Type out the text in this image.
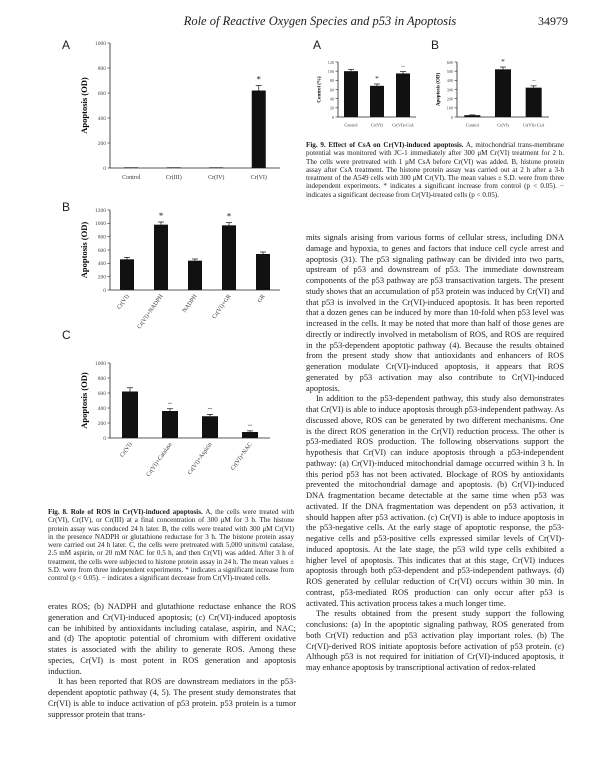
Role of Reactive Oxygen Species and p53 in Apoptosis	34979
A
0
200
400
600
800
1000
Apoptosis (OD)
Control	Cr(III)	Cr(IV)
*
Cr(VI)
B
0
200
400
600
800
1000
1200
Apoptosis (OD)
Cr(VI)
*
Cr(VI)+NADPH	NADPH
*
Cr(VI)+GR	GR
C
0
200
400
600
800
1000
Apoptosis (OD)
Cr(VI)
−
Cr(VI)+Catalase
−
Cr(VI)+Aspirin
−
Cr(VI)+NAC
Fig. 8. Role of ROS in Cr(VI)-induced apoptosis. A, the cells were treated with Cr(VI), Cr(IV), or Cr(III) at a final concentration of 300 μM for 3 h. The histone protein assay was conduced 24 h later. B, the cells were treated with 300 μM Cr(VI) in the presence NADPH or glutathione reductase for 3 h. The histone protein assay were carried out 24 h later. C, the cells were pretreated with 5,000 units/ml catalase, 2.5 mM aspirin, or 20 mM NAC for 0.5 h, and then Cr(VI) was added. After 3 h of treatment, the cells were subjected to histone protein assay in 24 h. The mean values ± S.D. were from three independent experiments. * indicates a significant increase from control (p < 0.05). − indicates a significant decrease from Cr(VI)-treated cells.
A
0
20
40
60
80
100
120
Control (%)
Control
*
Cr(VI)
−
Cr(VI)+CsA
B
0
100
200
300
400
500
600
Apoptosis (OD)
Control
*
Cr(VI)
−
Cr(VI)+CsA
Fig. 9. Effect of CsA on Cr(VI)-induced apoptosis. A, mitochondrial trans-membrane potential was monitored with JC-1 immediately after 300 μM Cr(VI) treatment for 2 h. The cells were pretreated with 1 μM CsA before Cr(VI) was added. B, histone protein assay after CsA treatment. The histone protein assay was carried out at 2 h after a 3-h treatment of the A549 cells with 300 μM Cr(VI). The mean values ± S.D. were from three independent experiments. * indicates a significant increase from control (p < 0.05). − indicates a significant decrease from Cr(VI)-treated cells (p < 0.05).

erates ROS; (b) NADPH and glutathione reductase enhance the ROS generation and Cr(VI)-induced apoptosis; (c) Cr(VI)-induced apoptosis can be inhibited by antioxidants including catalase, aspirin, and NAC; and (d) The apoptotic potential of chromium with different oxidative states is associated with the ability to generate ROS. Among these species, Cr(VI) is most potent in ROS generation and apoptosis induction.

It has been reported that ROS are downstream mediators in the p53-dependent apoptotic pathway (4, 5). The present study demonstrates that Cr(VI) is able to induce activation of p53 protein. p53 protein is a tumor suppressor protein that trans-

mits signals arising from various forms of cellular stress, including DNA damage and hypoxia, to genes and factors that induce cell cycle arrest and apoptosis (31). The p53 signaling pathway can be divided into two parts, upstream of p53 and downstream of p53. The immediate downstream components of the p53 pathway are p53 transactivation targets. The present study shows that an accumulation of p53 protein was induced by Cr(VI) and that p53 is involved in the Cr(VI)-induced apoptosis. It has been reported that a dozen genes can be induced by more than 10-fold when p53 level was increased in the cells. It may be noted that more than half of those genes are directly or indirectly involved in metabolism of ROS, and ROS are required in the p53-dependent apoptotic pathway (4). Because the results obtained from the present study show that antioxidants and enhancers of ROS generation modulate Cr(VI)-induced apoptosis, it appears that ROS generated by p53 activation may also contribute to Cr(VI)-induced apoptosis.

In addition to the p53-dependent pathway, this study also demonstrates that Cr(VI) is able to induce apoptosis through p53-independent pathway. As discussed above, ROS can be generated by two different mechanisms. One is the direct ROS generation in the Cr(VI) reduction process. The other is p53-mediated ROS production. The following observations support the hypothesis that Cr(VI) can induce apoptosis through a p53-independent pathway: (a) Cr(VI)-induced mitochondrial damage occurred within 3 h. In this period p53 has not been activated. Blockage of ROS by antioxidants prevented the mitochondrial damage and apoptosis. (b) Cr(VI)-induced DNA fragmentation became detectable at the same time when p53 was activated. If the DNA fragmentation was dependent on p53 activation, it should happen after p53 activation. (c) Cr(VI) is able to induce apoptosis in the p53-negative cells. At the early stage of apoptotic response, the p53-negative cells and p53-positive cells expressed similar levels of Cr(VI)-induced apoptosis. At the late stage, the p53 wild type cells exhibited a higher level of apoptosis. This indicates that at this stage, Cr(VI) induces apoptosis through both p53-dependent and p53-independent pathways. (d) ROS generated by cellular reduction of Cr(VI) occurs within 30 min. In contrast, p53-mediated ROS production can only occur after p53 is activated. This activation process takes a much longer time.

The results obtained from the present study support the following conclusions: (a) In the apoptotic signaling pathway, ROS generated from both Cr(VI) reduction and p53 activation play important roles. (b) The Cr(VI)-derived ROS initiate apoptosis before activation of p53 protein. (c) Although p53 is not required for initiation of Cr(VI)-induced apoptosis, it may enhance apoptosis by transcriptional activation of redox-related
